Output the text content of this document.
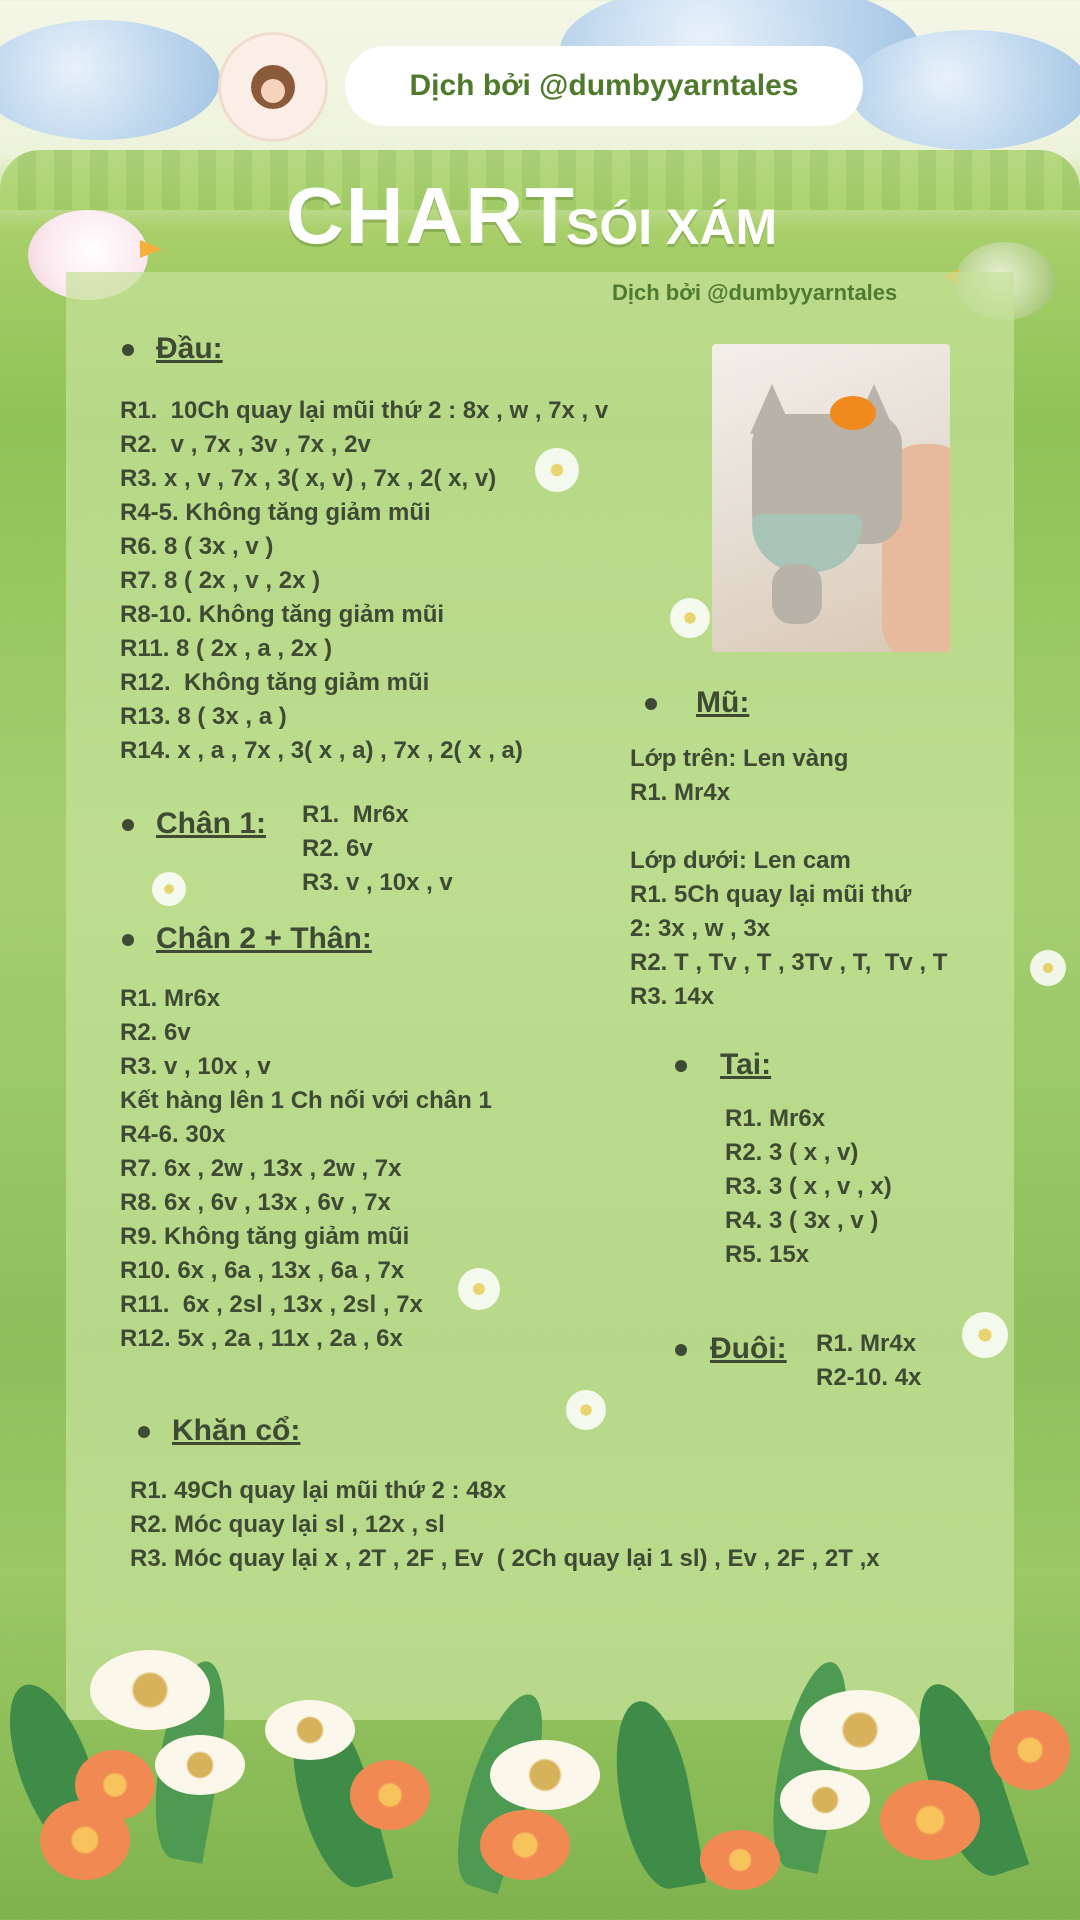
Dịch bởi @dumbyyarntales
CHART
SÓI XÁM
Dịch bởi @dumbyyarntales
Đầu:
R1.  10Ch quay lại mũi thứ 2 : 8x , w , 7x , v
R2.  v , 7x , 3v , 7x , 2v
R3. x , v , 7x , 3( x, v) , 7x , 2( x, v)
R4-5. Không tăng giảm mũi
R6. 8 ( 3x , v )
R7. 8 ( 2x , v , 2x )
R8-10. Không tăng giảm mũi
R11. 8 ( 2x , a , 2x )
R12.  Không tăng giảm mũi
R13. 8 ( 3x , a )
R14. x , a , 7x , 3( x , a) , 7x , 2( x , a)
Chân 1: R1.  Mr6x
R2. 6v
R3. v , 10x , v
Chân 2 + Thân:
R1. Mr6x
R2. 6v
R3. v , 10x , v
Kết hàng lên 1 Ch nối với chân 1
R4-6. 30x
R7. 6x , 2w , 13x , 2w , 7x
R8. 6x , 6v , 13x , 6v , 7x
R9. Không tăng giảm mũi
R10. 6x , 6a , 13x , 6a , 7x
R11.  6x , 2sl , 13x , 2sl , 7x
R12. 5x , 2a , 11x , 2a , 6x
Khăn cổ:
R1. 49Ch quay lại mũi thứ 2 : 48x
R2. Móc quay lại sl , 12x , sl
R3. Móc quay lại x , 2T , 2F , Ev  ( 2Ch quay lại 1 sl) , Ev , 2F , 2T ,x
Mũ:
Lớp trên: Len vàng
R1. Mr4x

Lớp dưới: Len cam
R1. 5Ch quay lại mũi thứ
2: 3x , w , 3x
R2. T , Tv , T , 3Tv , T,  Tv , T
R3. 14x
Tai:
R1. Mr6x
R2. 3 ( x , v)
R3. 3 ( x , v , x)
R4. 3 ( 3x , v )
R5. 15x
Đuôi: R1. Mr4x
R2-10. 4x
